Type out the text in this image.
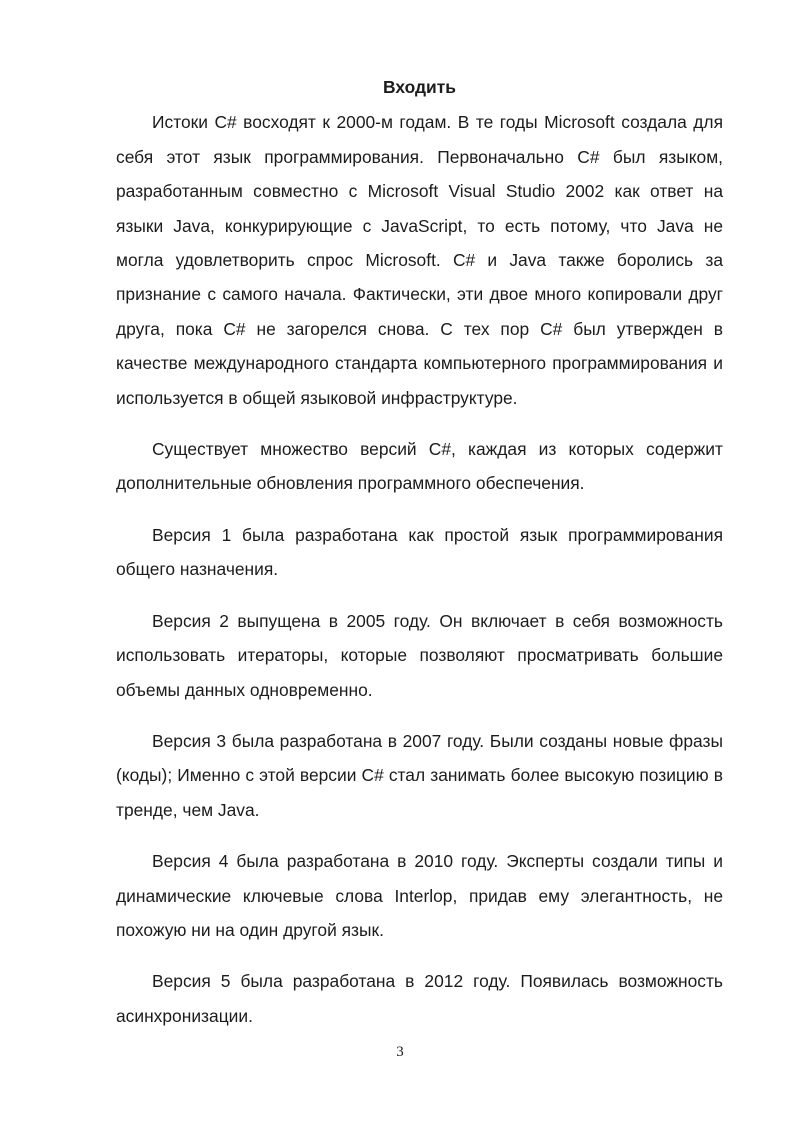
Входить

Истоки C# восходят к 2000-м годам. В те годы Microsoft создала для себя этот язык программирования. Первоначально C# был языком, разработанным совместно с Microsoft Visual Studio 2002 как ответ на языки Java, конкурирующие с JavaScript, то есть потому, что Java не могла удовлетворить спрос Microsoft. C# и Java также боролись за признание с самого начала. Фактически, эти двое много копировали друг друга, пока C# не загорелся снова. С тех пор C# был утвержден в качестве международного стандарта компьютерного программирования и используется в общей языковой инфраструктуре.

Существует множество версий C#, каждая из которых содержит дополнительные обновления программного обеспечения.

Версия 1 была разработана как простой язык программирования общего назначения.

Версия 2 выпущена в 2005 году. Он включает в себя возможность использовать итераторы, которые позволяют просматривать большие объемы данных одновременно.

Версия 3 была разработана в 2007 году. Были созданы новые фразы (коды); Именно с этой версии C# стал занимать более высокую позицию в тренде, чем Java.

Версия 4 была разработана в 2010 году. Эксперты создали типы и динамические ключевые слова Interlop, придав ему элегантность, не похожую ни на один другой язык.

Версия 5 была разработана в 2012 году. Появилась возможность асинхронизации.

3
